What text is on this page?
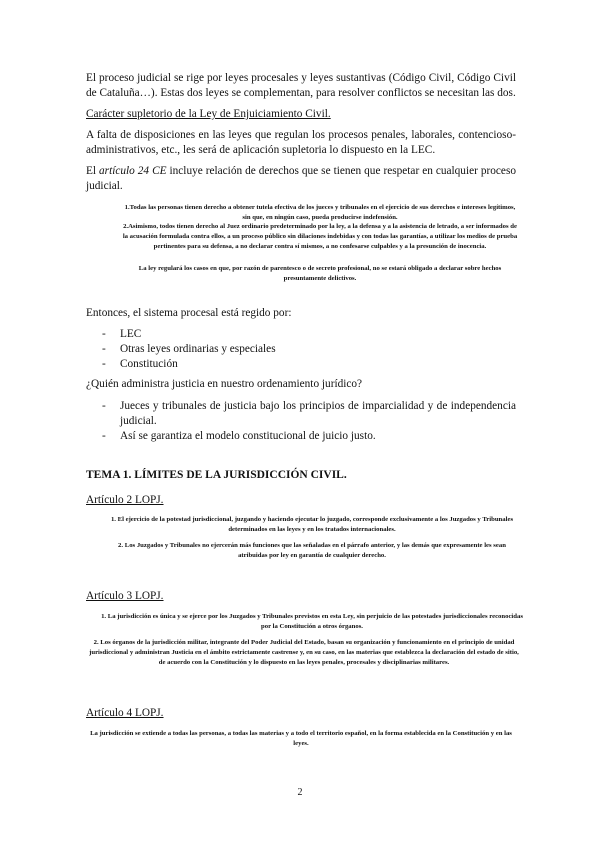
El proceso judicial se rige por leyes procesales y leyes sustantivas (Código Civil, Código Civil de Cataluña…). Estas dos leyes se complementan, para resolver conflictos se necesitan las dos.
Carácter supletorio de la Ley de Enjuiciamiento Civil.
A falta de disposiciones en las leyes que regulan los procesos penales, laborales, contencioso-administrativos, etc., les será de aplicación supletoria lo dispuesto en la LEC.
El artículo 24 CE incluye relación de derechos que se tienen que respetar en cualquier proceso judicial.
1.Todas las personas tienen derecho a obtener tutela efectiva de los jueces y tribunales en el ejercicio de sus derechos e intereses legítimos, sin que, en ningún caso, pueda producirse indefensión.
2.Asimismo, todos tienen derecho al Juez ordinario predeterminado por la ley, a la defensa y a la asistencia de letrado, a ser informados de la acusación formulada contra ellos, a un proceso público sin dilaciones indebidas y con todas las garantías, a utilizar los medios de prueba pertinentes para su defensa, a no declarar contra sí mismos, a no confesarse culpables y a la presunción de inocencia.
La ley regulará los casos en que, por razón de parentesco o de secreto profesional, no se estará obligado a declarar sobre hechos presuntamente delictivos.
Entonces, el sistema procesal está regido por:
- LEC
- Otras leyes ordinarias y especiales
- Constitución
¿Quién administra justicia en nuestro ordenamiento jurídico?
- Jueces y tribunales de justicia bajo los principios de imparcialidad y de independencia judicial.
- Así se garantiza el modelo constitucional de juicio justo.
TEMA 1. LÍMITES DE LA JURISDICCIÓN CIVIL.
Artículo 2 LOPJ.
1. El ejercicio de la potestad jurisdiccional, juzgando y haciendo ejecutar lo juzgado, corresponde exclusivamente a los Juzgados y Tribunales determinados en las leyes y en los tratados internacionales.
2. Los Juzgados y Tribunales no ejercerán más funciones que las señaladas en el párrafo anterior, y las demás que expresamente les sean atribuidas por ley en garantía de cualquier derecho.
Artículo 3 LOPJ.
1. La jurisdicción es única y se ejerce por los Juzgados y Tribunales previstos en esta Ley, sin perjuicio de las potestades jurisdiccionales reconocidas por la Constitución a otros órganos.
2. Los órganos de la jurisdicción militar, integrante del Poder Judicial del Estado, basan su organización y funcionamiento en el principio de unidad jurisdiccional y administran Justicia en el ámbito estrictamente castrense y, en su caso, en las materias que establezca la declaración del estado de sitio, de acuerdo con la Constitución y lo dispuesto en las leyes penales, procesales y disciplinarias militares.
Artículo 4 LOPJ.
La jurisdicción se extiende a todas las personas, a todas las materias y a todo el territorio español, en la forma establecida en la Constitución y en las leyes.
2
